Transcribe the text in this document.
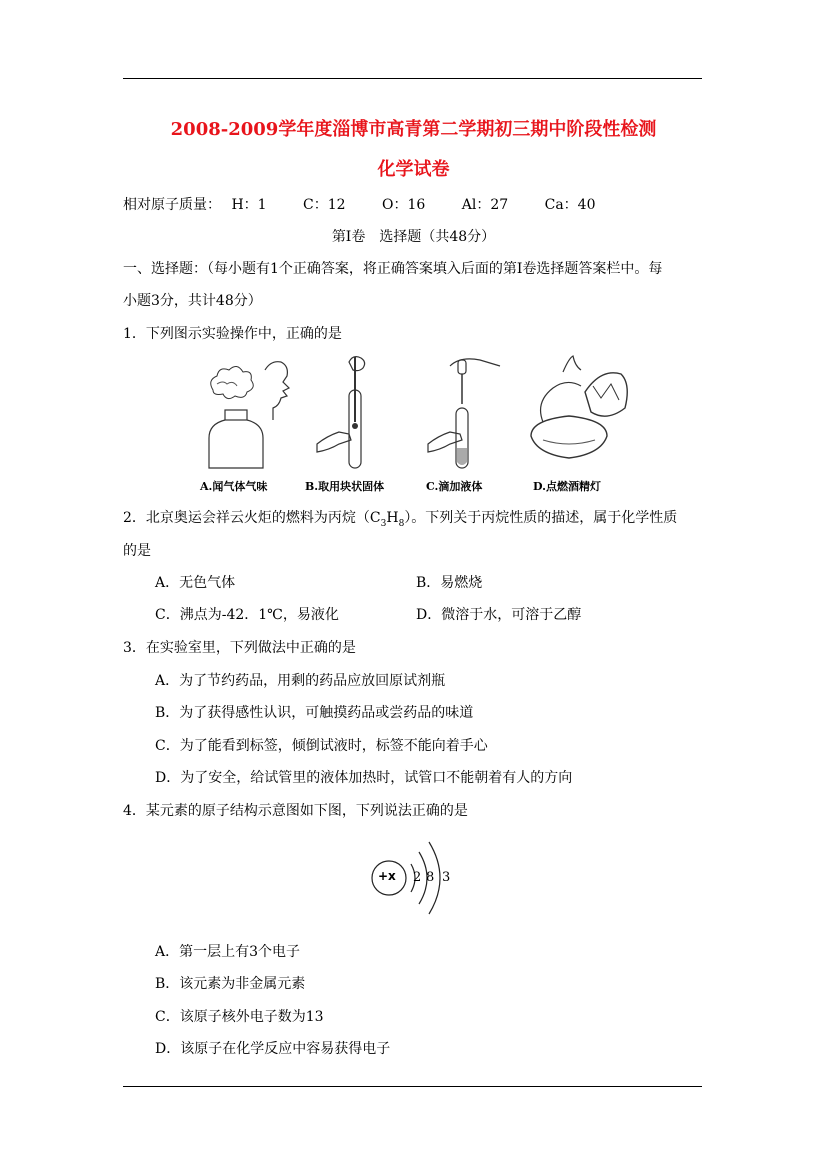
2008-2009学年度淄博市高青第二学期初三期中阶段性检测
化学试卷
相对原子质量： H：1	C：12	O：16	Al：27	Ca：40
第Ⅰ卷　选择题（共48分）
一、选择题：（每小题有1个正确答案，将正确答案填入后面的第Ⅰ卷选择题答案栏中。每
小题3分，共计48分）
1．下列图示实验操作中，正确的是
A.闻气体气味	B.取用块状固体	C.滴加液体	D.点燃酒精灯
2．北京奥运会祥云火炬的燃料为丙烷$(C_3H_8)$。下列关于丙烷性质的描述，属于化学性质
的是
A．无色气体	B．易燃烧
C．沸点为-42．1℃，易液化	D．微溶于水，可溶于乙醇
3．在实验室里，下列做法中正确的是
A．为了节约药品，用剩的药品应放回原试剂瓶
B．为了获得感性认识，可触摸药品或尝药品的味道
C．为了能看到标签，倾倒试液时，标签不能向着手心
D．为了安全，给试管里的液体加热时，试管口不能朝着有人的方向
4．某元素的原子结构示意图如下图，下列说法正确的是
+x 2 8 3
A．第一层上有3个电子
B．该元素为非金属元素
C．该原子核外电子数为13
D．该原子在化学反应中容易获得电子
